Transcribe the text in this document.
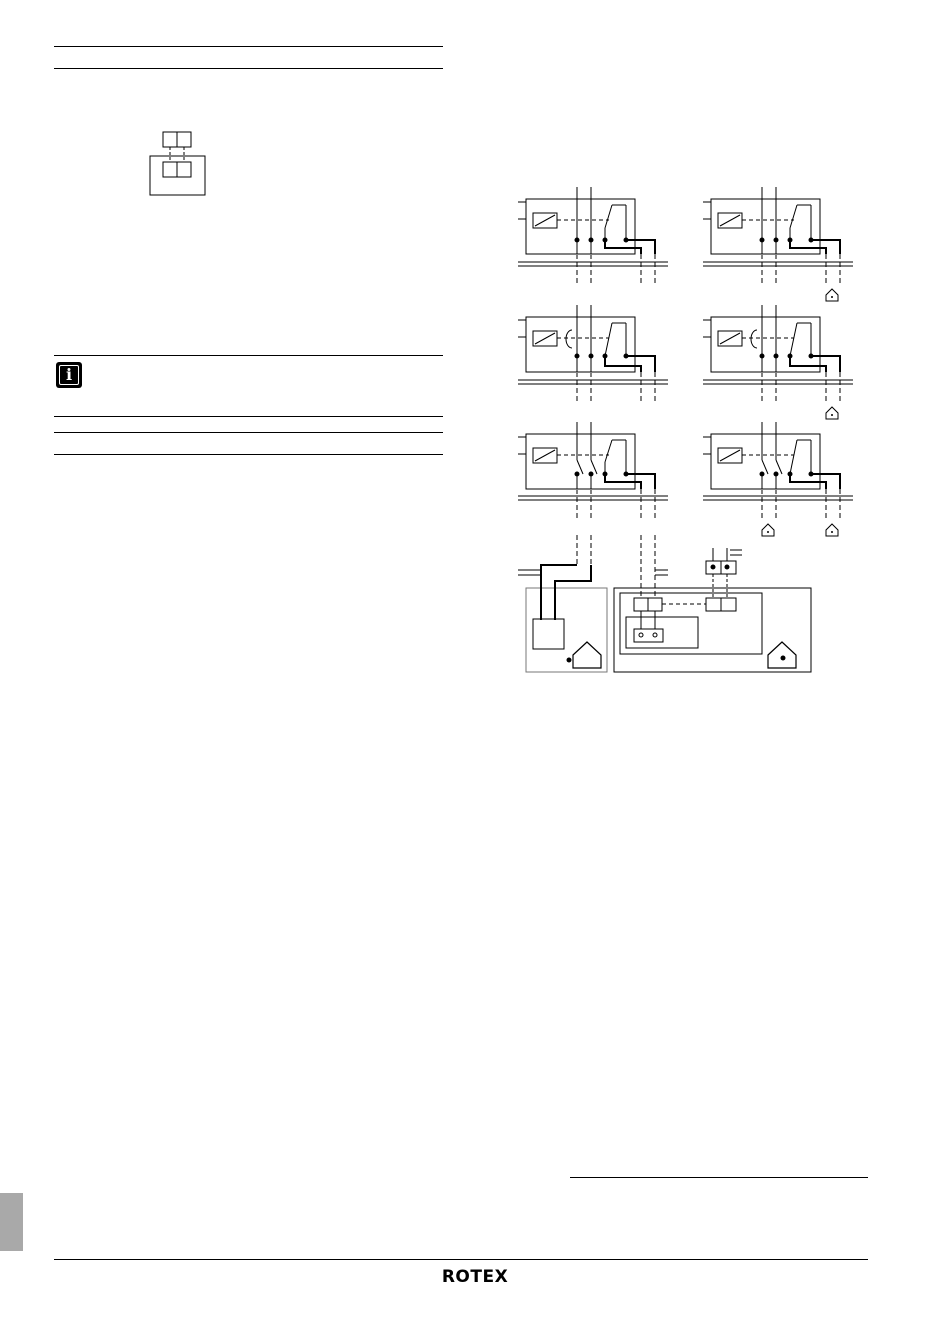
i
ROTEX
